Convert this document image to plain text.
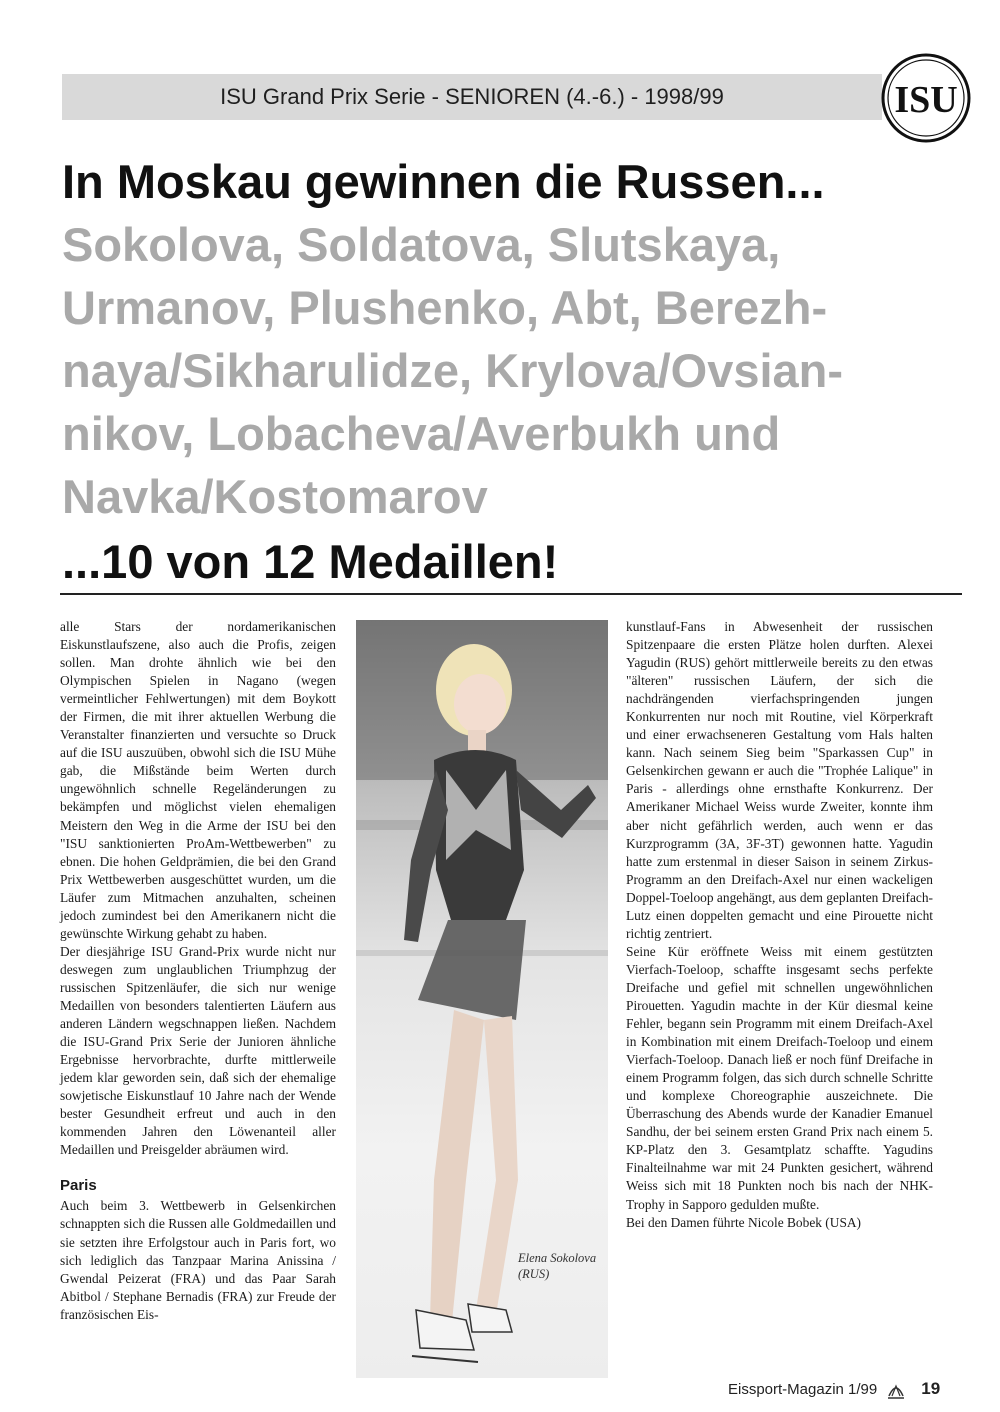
ISU Grand Prix Serie - SENIOREN (4.-6.) - 1998/99	ISU
In Moskau gewinnen die Russen...
Sokolova, Soldatova, Slutskaya,
Urmanov, Plushenko, Abt, Berezh-
naya/Sikharulidze, Krylova/Ovsian-
nikov, Lobacheva/Averbukh und
Navka/Kostomarov
...10 von 12 Medaillen!

alle Stars der nordamerikanischen Eiskunstlaufszene, also auch die Profis, zeigen sollen. Man drohte ähnlich wie bei den Olympischen Spielen in Nagano (wegen vermeintlicher Fehlwertungen) mit dem Boykott der Firmen, die mit ihrer aktuellen Werbung die Veranstalter finanzierten und versuchte so Druck auf die ISU auszuüben, obwohl sich die ISU Mühe gab, die Mißstände beim Werten durch ungewöhnlich schnelle Regeländerungen zu bekämpfen und möglichst vielen ehemaligen Meistern den Weg in die Arme der ISU bei den "ISU sanktionierten ProAm-Wettbewerben" zu ebnen. Die hohen Geldprämien, die bei den Grand Prix Wettbewerben ausgeschüttet wurden, um die Läufer zum Mitmachen anzuhalten, scheinen jedoch zumindest bei den Amerikanern nicht die gewünschte Wirkung gehabt zu haben.

Der diesjährige ISU Grand-Prix wurde nicht nur deswegen zum unglaublichen Triumphzug der russischen Spitzenläufer, die sich nur wenige Medaillen von besonders talentierten Läufern aus anderen Ländern wegschnappen ließen. Nachdem die ISU-Grand Prix Serie der Junioren ähnliche Ergebnisse hervorbrachte, durfte mittlerweile jedem klar geworden sein, daß sich der ehemalige sowjetische Eiskunstlauf 10 Jahre nach der Wende bester Gesundheit erfreut und auch in den kommenden Jahren den Löwenanteil aller Medaillen und Preisgelder abräumen wird.

Paris

Auch beim 3. Wettbewerb in Gelsenkirchen schnappten sich die Russen alle Goldmedaillen und sie setzten ihre Erfolgstour auch in Paris fort, wo sich lediglich das Tanzpaar Marina Anissina / Gwendal Peizerat (FRA) und das Paar Sarah Abitbol / Stephane Bernadis (FRA) zur Freude der französischen Eis-

Elena Sokolova
(RUS)

kunstlauf-Fans in Abwesenheit der russischen Spitzenpaare die ersten Plätze holen durften. Alexei Yagudin (RUS) gehört mittlerweile bereits zu den etwas "älteren" russischen Läufern, der sich die nachdrängenden vierfachspringenden jungen Konkurrenten nur noch mit Routine, viel Körperkraft und einer erwachseneren Gestaltung vom Hals halten kann. Nach seinem Sieg beim "Sparkassen Cup" in Gelsenkirchen gewann er auch die "Trophée Lalique" in Paris - allerdings ohne ernsthafte Konkurrenz. Der Amerikaner Michael Weiss wurde Zweiter, konnte ihm aber nicht gefährlich werden, auch wenn er das Kurzprogramm (3A, 3F-3T) gewonnen hatte. Yagudin hatte zum erstenmal in dieser Saison in seinem Zirkus-Programm an den Dreifach-Axel nur einen wackeligen Doppel-Toeloop angehängt, aus dem geplanten Dreifach-Lutz einen doppelten gemacht und eine Pirouette nicht richtig zentriert.

Seine Kür eröffnete Weiss mit einem gestützten Vierfach-Toeloop, schaffte insgesamt sechs perfekte Dreifache und gefiel mit schnellen ungewöhnlichen Pirouetten. Yagudin machte in der Kür diesmal keine Fehler, begann sein Programm mit einem Dreifach-Axel in Kombination mit einem Dreifach-Toeloop und einem Vierfach-Toeloop. Danach ließ er noch fünf Dreifache in einem Programm folgen, das sich durch schnelle Schritte und komplexe Choreographie auszeichnete. Die Überraschung des Abends wurde der Kanadier Emanuel Sandhu, der bei seinem ersten Grand Prix nach einem 5. KP-Platz den 3. Gesamtplatz schaffte. Yagudins Finalteilnahme war mit 24 Punkten gesichert, während Weiss sich mit 18 Punkten noch bis nach der NHK-Trophy in Sapporo gedulden mußte.

Bei den Damen führte Nicole Bobek (USA)

Eissport-Magazin 1/99	19
